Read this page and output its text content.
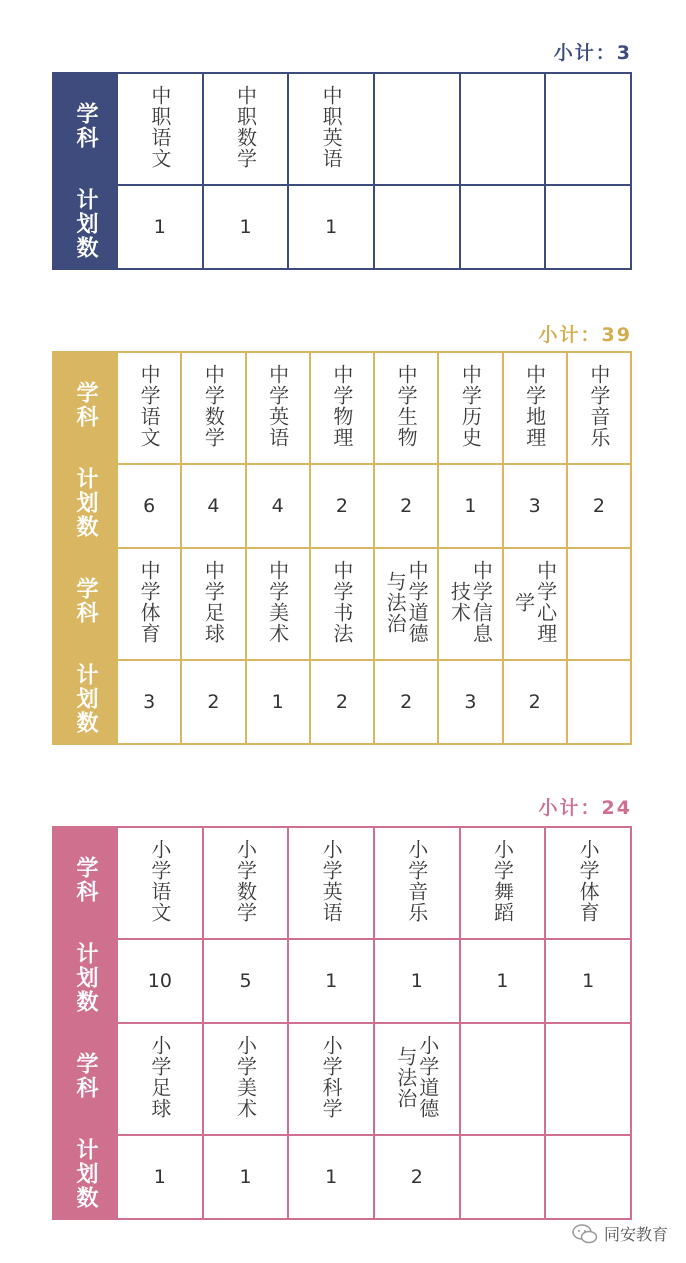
小计：3
学科	中职语文	中职数学	中职英语			
计划数	1	1	1			
小计：39
学科	中学语文	中学数学	中学英语	中学物理	中学生物	中学历史	中学地理	中学音乐
计划数	6	4	4	2	2	1	3	2
学科	中学体育	中学足球	中学美术	中学书法	中学道德与法治	中学信息技术	中学心理学	
计划数	3	2	1	2	2	3	2	
小计：24
学科	小学语文	小学数学	小学英语	小学音乐	小学舞蹈	小学体育
计划数	10	5	1	1	1	1
学科	小学足球	小学美术	小学科学	小学道德与法治		
计划数	1	1	1	2		
同安教育
